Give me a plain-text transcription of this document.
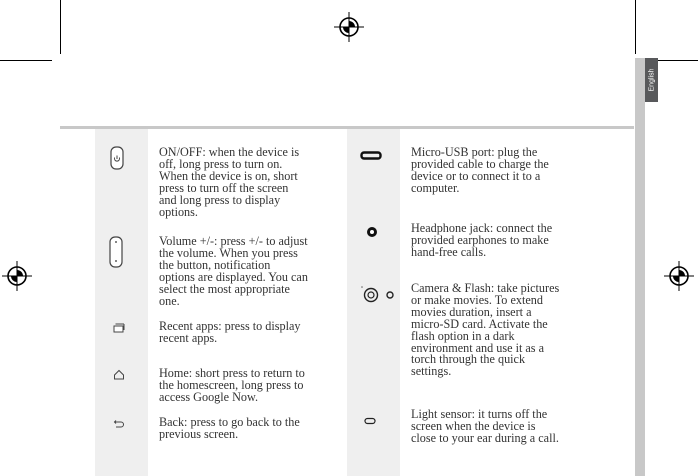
English

ON/OFF: when the device is off, long press to turn on. When the device is on, short press to turn off the screen and long press to display options.

Volume +/-: press +/- to adjust the volume. When you press the button, notification options are displayed. You can select the most appropriate one.

Recent apps: press to display recent apps.

Home: short press to return to the homescreen, long press to access Google Now.

Back: press to go back to the previous screen.

Micro-USB port: plug the provided cable to charge the device or to connect it to a computer.

Headphone jack: connect the provided earphones to make hand-free calls.

Camera & Flash: take pictures or make movies. To extend movies duration, insert a micro-SD card. Activate the flash option in a dark environment and use it as a torch through the quick settings.

Light sensor: it turns off the screen when the device is close to your ear during a call.
